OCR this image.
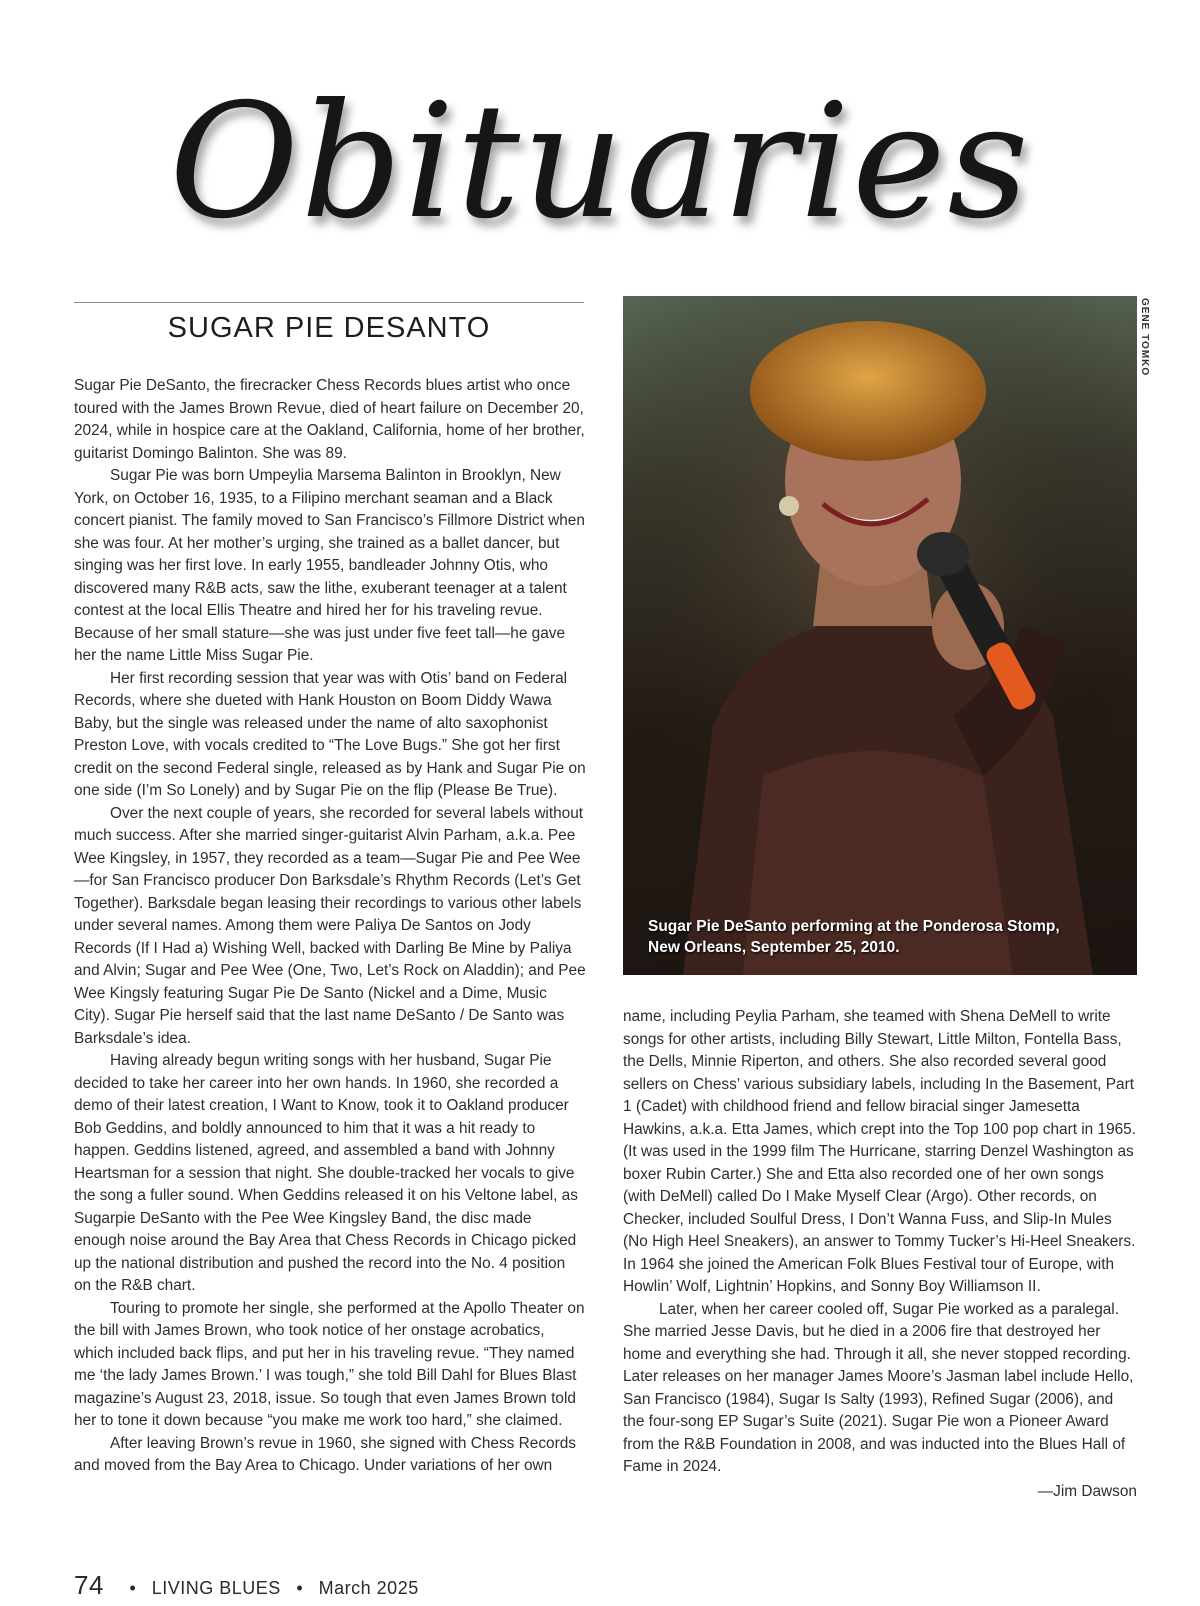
Obituaries
SUGAR PIE DESANTO

Sugar Pie DeSanto, the firecracker Chess Records blues artist who once toured with the James Brown Revue, died of heart failure on December 20, 2024, while in hospice care at the Oakland, California, home of her brother, guitarist Domingo Balinton. She was 89.

Sugar Pie was born Umpeylia Marsema Balinton in Brooklyn, New York, on October 16, 1935, to a Filipino merchant seaman and a Black concert pianist. The family moved to San Francisco’s Fillmore District when she was four. At her mother’s urging, she trained as a ballet dancer, but singing was her first love. In early 1955, bandleader Johnny Otis, who discovered many R&B acts, saw the lithe, exuberant teenager at a talent contest at the local Ellis Theatre and hired her for his traveling revue. Because of her small stature—she was just under five feet tall—he gave her the name Little Miss Sugar Pie.

Her first recording session that year was with Otis’ band on Federal Records, where she dueted with Hank Houston on Boom Diddy Wawa Baby, but the single was released under the name of alto saxophonist Preston Love, with vocals credited to “The Love Bugs.” She got her first credit on the second Federal single, released as by Hank and Sugar Pie on one side (I’m So Lonely) and by Sugar Pie on the flip (Please Be True).

Over the next couple of years, she recorded for several labels without much success. After she married singer-guitarist Alvin Parham, a.k.a. Pee Wee Kingsley, in 1957, they recorded as a team—Sugar Pie and Pee Wee—for San Francisco producer Don Barksdale’s Rhythm Records (Let’s Get Together). Barksdale began leasing their recordings to various other labels under several names. Among them were Paliya De Santos on Jody Records (If I Had a) Wishing Well, backed with Darling Be Mine by Paliya and Alvin; Sugar and Pee Wee (One, Two, Let’s Rock on Aladdin); and Pee Wee Kingsly featuring Sugar Pie De Santo (Nickel and a Dime, Music City). Sugar Pie herself said that the last name DeSanto / De Santo was Barksdale’s idea.

Having already begun writing songs with her husband, Sugar Pie decided to take her career into her own hands. In 1960, she recorded a demo of their latest creation, I Want to Know, took it to Oakland producer Bob Geddins, and boldly announced to him that it was a hit ready to happen. Geddins listened, agreed, and assembled a band with Johnny Heartsman for a session that night. She double-tracked her vocals to give the song a fuller sound. When Geddins released it on his Veltone label, as Sugarpie DeSanto with the Pee Wee Kingsley Band, the disc made enough noise around the Bay Area that Chess Records in Chicago picked up the national distribution and pushed the record into the No. 4 position on the R&B chart.

Touring to promote her single, she performed at the Apollo Theater on the bill with James Brown, who took notice of her onstage acrobatics, which included back flips, and put her in his traveling revue. “They named me ‘the lady James Brown.’ I was tough,” she told Bill Dahl for Blues Blast magazine’s August 23, 2018, issue. So tough that even James Brown told her to tone it down because “you make me work too hard,” she claimed.

After leaving Brown’s revue in 1960, she signed with Chess Records and moved from the Bay Area to Chicago. Under variations of her own

GENE TOMKO
Sugar Pie DeSanto performing at the Ponderosa Stomp, New Orleans, September 25, 2010.

name, including Peylia Parham, she teamed with Shena DeMell to write songs for other artists, including Billy Stewart, Little Milton, Fontella Bass, the Dells, Minnie Riperton, and others. She also recorded several good sellers on Chess’ various subsidiary labels, including In the Basement, Part 1 (Cadet) with childhood friend and fellow biracial singer Jamesetta Hawkins, a.k.a. Etta James, which crept into the Top 100 pop chart in 1965. (It was used in the 1999 film The Hurricane, starring Denzel Washington as boxer Rubin Carter.) She and Etta also recorded one of her own songs (with DeMell) called Do I Make Myself Clear (Argo). Other records, on Checker, included Soulful Dress, I Don’t Wanna Fuss, and Slip-In Mules (No High Heel Sneakers), an answer to Tommy Tucker’s Hi-Heel Sneakers. In 1964 she joined the American Folk Blues Festival tour of Europe, with Howlin’ Wolf, Lightnin’ Hopkins, and Sonny Boy Williamson II.

Later, when her career cooled off, Sugar Pie worked as a paralegal. She married Jesse Davis, but he died in a 2006 fire that destroyed her home and everything she had. Through it all, she never stopped recording. Later releases on her manager James Moore’s Jasman label include Hello, San Francisco (1984), Sugar Is Salty (1993), Refined Sugar (2006), and the four-song EP Sugar’s Suite (2021). Sugar Pie won a Pioneer Award from the R&B Foundation in 2008, and was inducted into the Blues Hall of Fame in 2024.

—Jim Dawson
74 • LIVING BLUES • March 2025
